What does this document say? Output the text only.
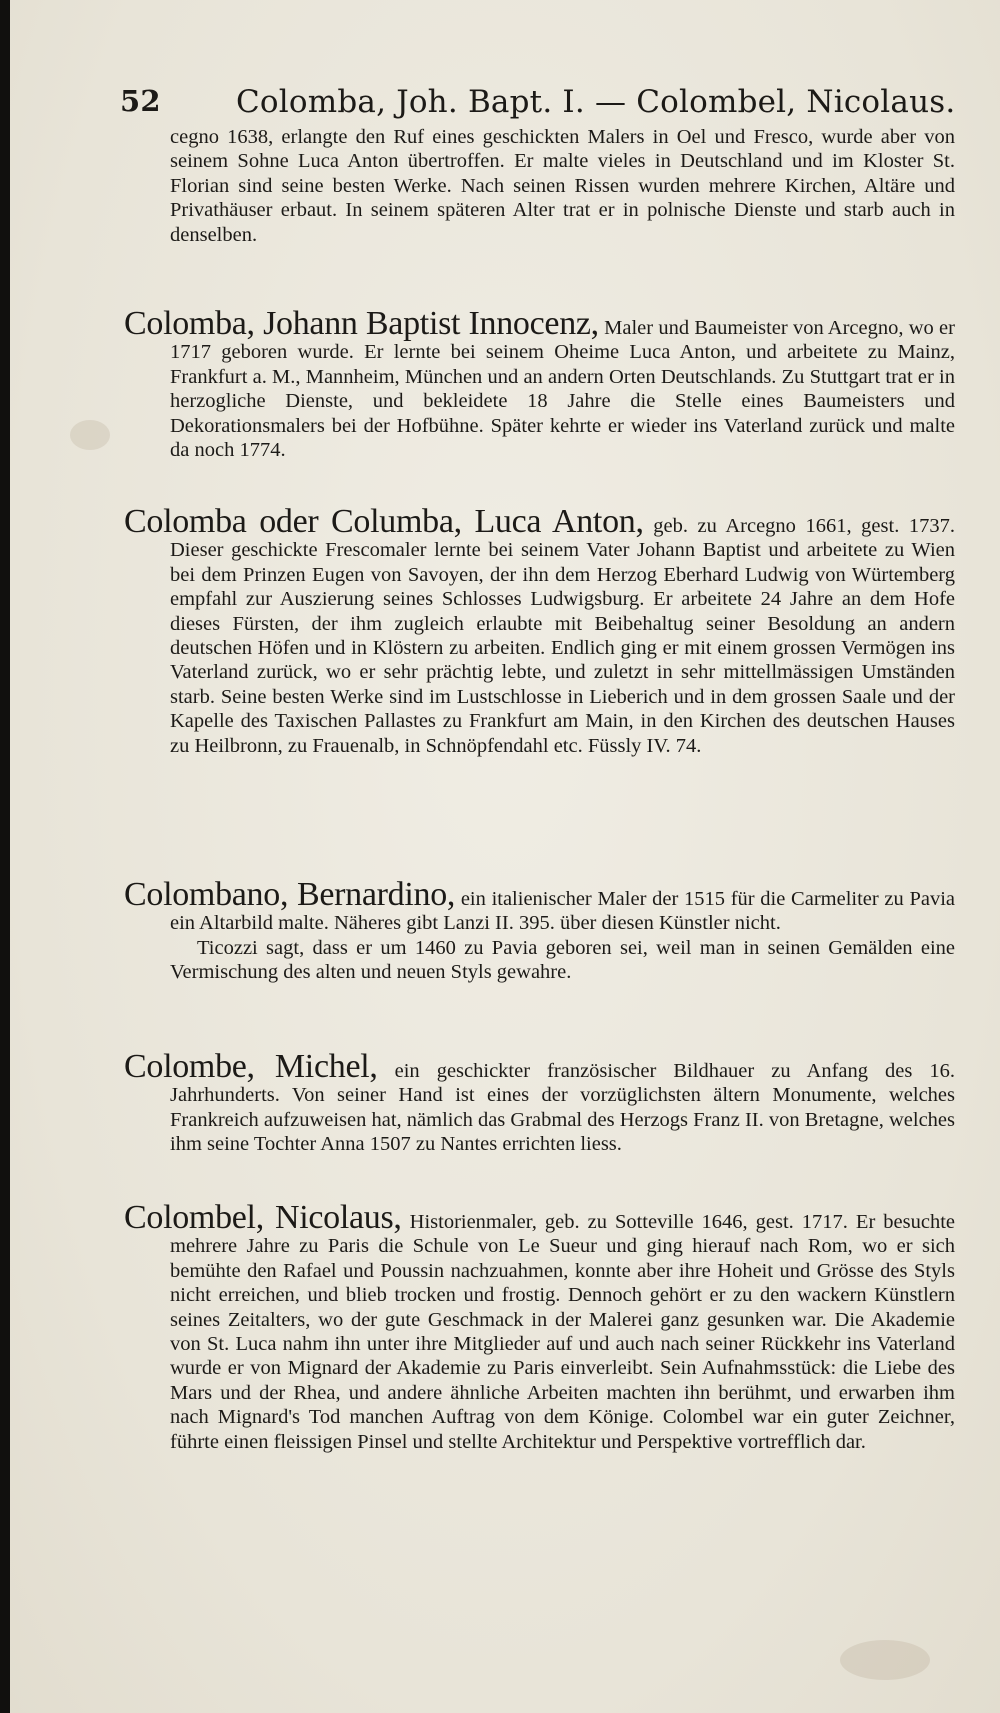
52 Colomba, Joh. Bapt. I. — Colombel, Nicolaus.
cegno 1638, erlangte den Ruf eines geschickten Malers in Oel und Fresco, wurde aber von seinem Sohne Luca Anton übertroffen. Er malte vieles in Deutschland und im Kloster St. Florian sind seine besten Werke. Nach seinen Rissen wurden mehrere Kirchen, Altäre und Privathäuser erbaut. In seinem späteren Alter trat er in polnische Dienste und starb auch in denselben.

Colomba, Johann Baptist Innocenz, Maler und Baumeister von Arcegno, wo er 1717 geboren wurde. Er lernte bei seinem Oheime Luca Anton, und arbeitete zu Mainz, Frankfurt a. M., Mannheim, München und an andern Orten Deutschlands. Zu Stuttgart trat er in herzogliche Dienste, und bekleidete 18 Jahre die Stelle eines Baumeisters und Dekorationsmalers bei der Hofbühne. Später kehrte er wieder ins Vaterland zurück und malte da noch 1774.

Colomba oder Columba, Luca Anton, geb. zu Arcegno 1661, gest. 1737. Dieser geschickte Frescomaler lernte bei seinem Vater Johann Baptist und arbeitete zu Wien bei dem Prinzen Eugen von Savoyen, der ihn dem Herzog Eberhard Ludwig von Würtemberg empfahl zur Auszierung seines Schlosses Ludwigsburg. Er arbeitete 24 Jahre an dem Hofe dieses Fürsten, der ihm zugleich erlaubte mit Beibehaltug seiner Besoldung an andern deutschen Höfen und in Klöstern zu arbeiten. Endlich ging er mit einem grossen Vermögen ins Vaterland zurück, wo er sehr prächtig lebte, und zuletzt in sehr mittellmässigen Umständen starb. Seine besten Werke sind im Lustschlosse in Lieberich und in dem grossen Saale und der Kapelle des Taxischen Pallastes zu Frankfurt am Main, in den Kirchen des deutschen Hauses zu Heilbronn, zu Frauenalb, in Schnöpfendahl etc. Füssly IV. 74.

Colombano, Bernardino, ein italienischer Maler der 1515 für die Carmeliter zu Pavia ein Altarbild malte. Näheres gibt Lanzi II. 395. über diesen Künstler nicht.

Ticozzi sagt, dass er um 1460 zu Pavia geboren sei, weil man in seinen Gemälden eine Vermischung des alten und neuen Styls gewahre.

Colombe, Michel, ein geschickter französischer Bildhauer zu Anfang des 16. Jahrhunderts. Von seiner Hand ist eines der vorzüglichsten ältern Monumente, welches Frankreich aufzuweisen hat, nämlich das Grabmal des Herzogs Franz II. von Bretagne, welches ihm seine Tochter Anna 1507 zu Nantes errichten liess.

Colombel, Nicolaus, Historienmaler, geb. zu Sotteville 1646, gest. 1717. Er besuchte mehrere Jahre zu Paris die Schule von Le Sueur und ging hierauf nach Rom, wo er sich bemühte den Rafael und Poussin nachzuahmen, konnte aber ihre Hoheit und Grösse des Styls nicht erreichen, und blieb trocken und frostig. Dennoch gehört er zu den wackern Künstlern seines Zeitalters, wo der gute Geschmack in der Malerei ganz gesunken war. Die Akademie von St. Luca nahm ihn unter ihre Mitglieder auf und auch nach seiner Rückkehr ins Vaterland wurde er von Mignard der Akademie zu Paris einverleibt. Sein Aufnahmsstück: die Liebe des Mars und der Rhea, und andere ähnliche Arbeiten machten ihn berühmt, und erwarben ihm nach Mignard's Tod manchen Auftrag von dem Könige. Colombel war ein guter Zeichner, führte einen fleissigen Pinsel und stellte Architektur und Perspektive vortrefflich dar.
